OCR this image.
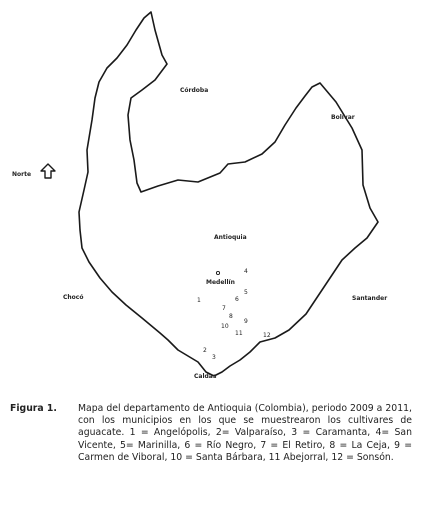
Norte
Córdoba
Bolívar
Antioquia
Chocó	Santander
Caldas
Medellín
4
5
1	6
7
8
9
10
11	12
2
3
Figura 1. Mapa del departamento de Antioquia (Colombia), periodo 2009 a 2011, con los municipios en los que se muestrearon los cultivares de aguacate. 1 = Angelópolis, 2= Valparaíso, 3 = Caramanta, 4= San Vicente, 5= Marinilla, 6 = Río Negro, 7 = El Retiro, 8 = La Ceja, 9 = Carmen de Viboral, 10 = Santa Bárbara, 11 Abejorral, 12 = Sonsón.
